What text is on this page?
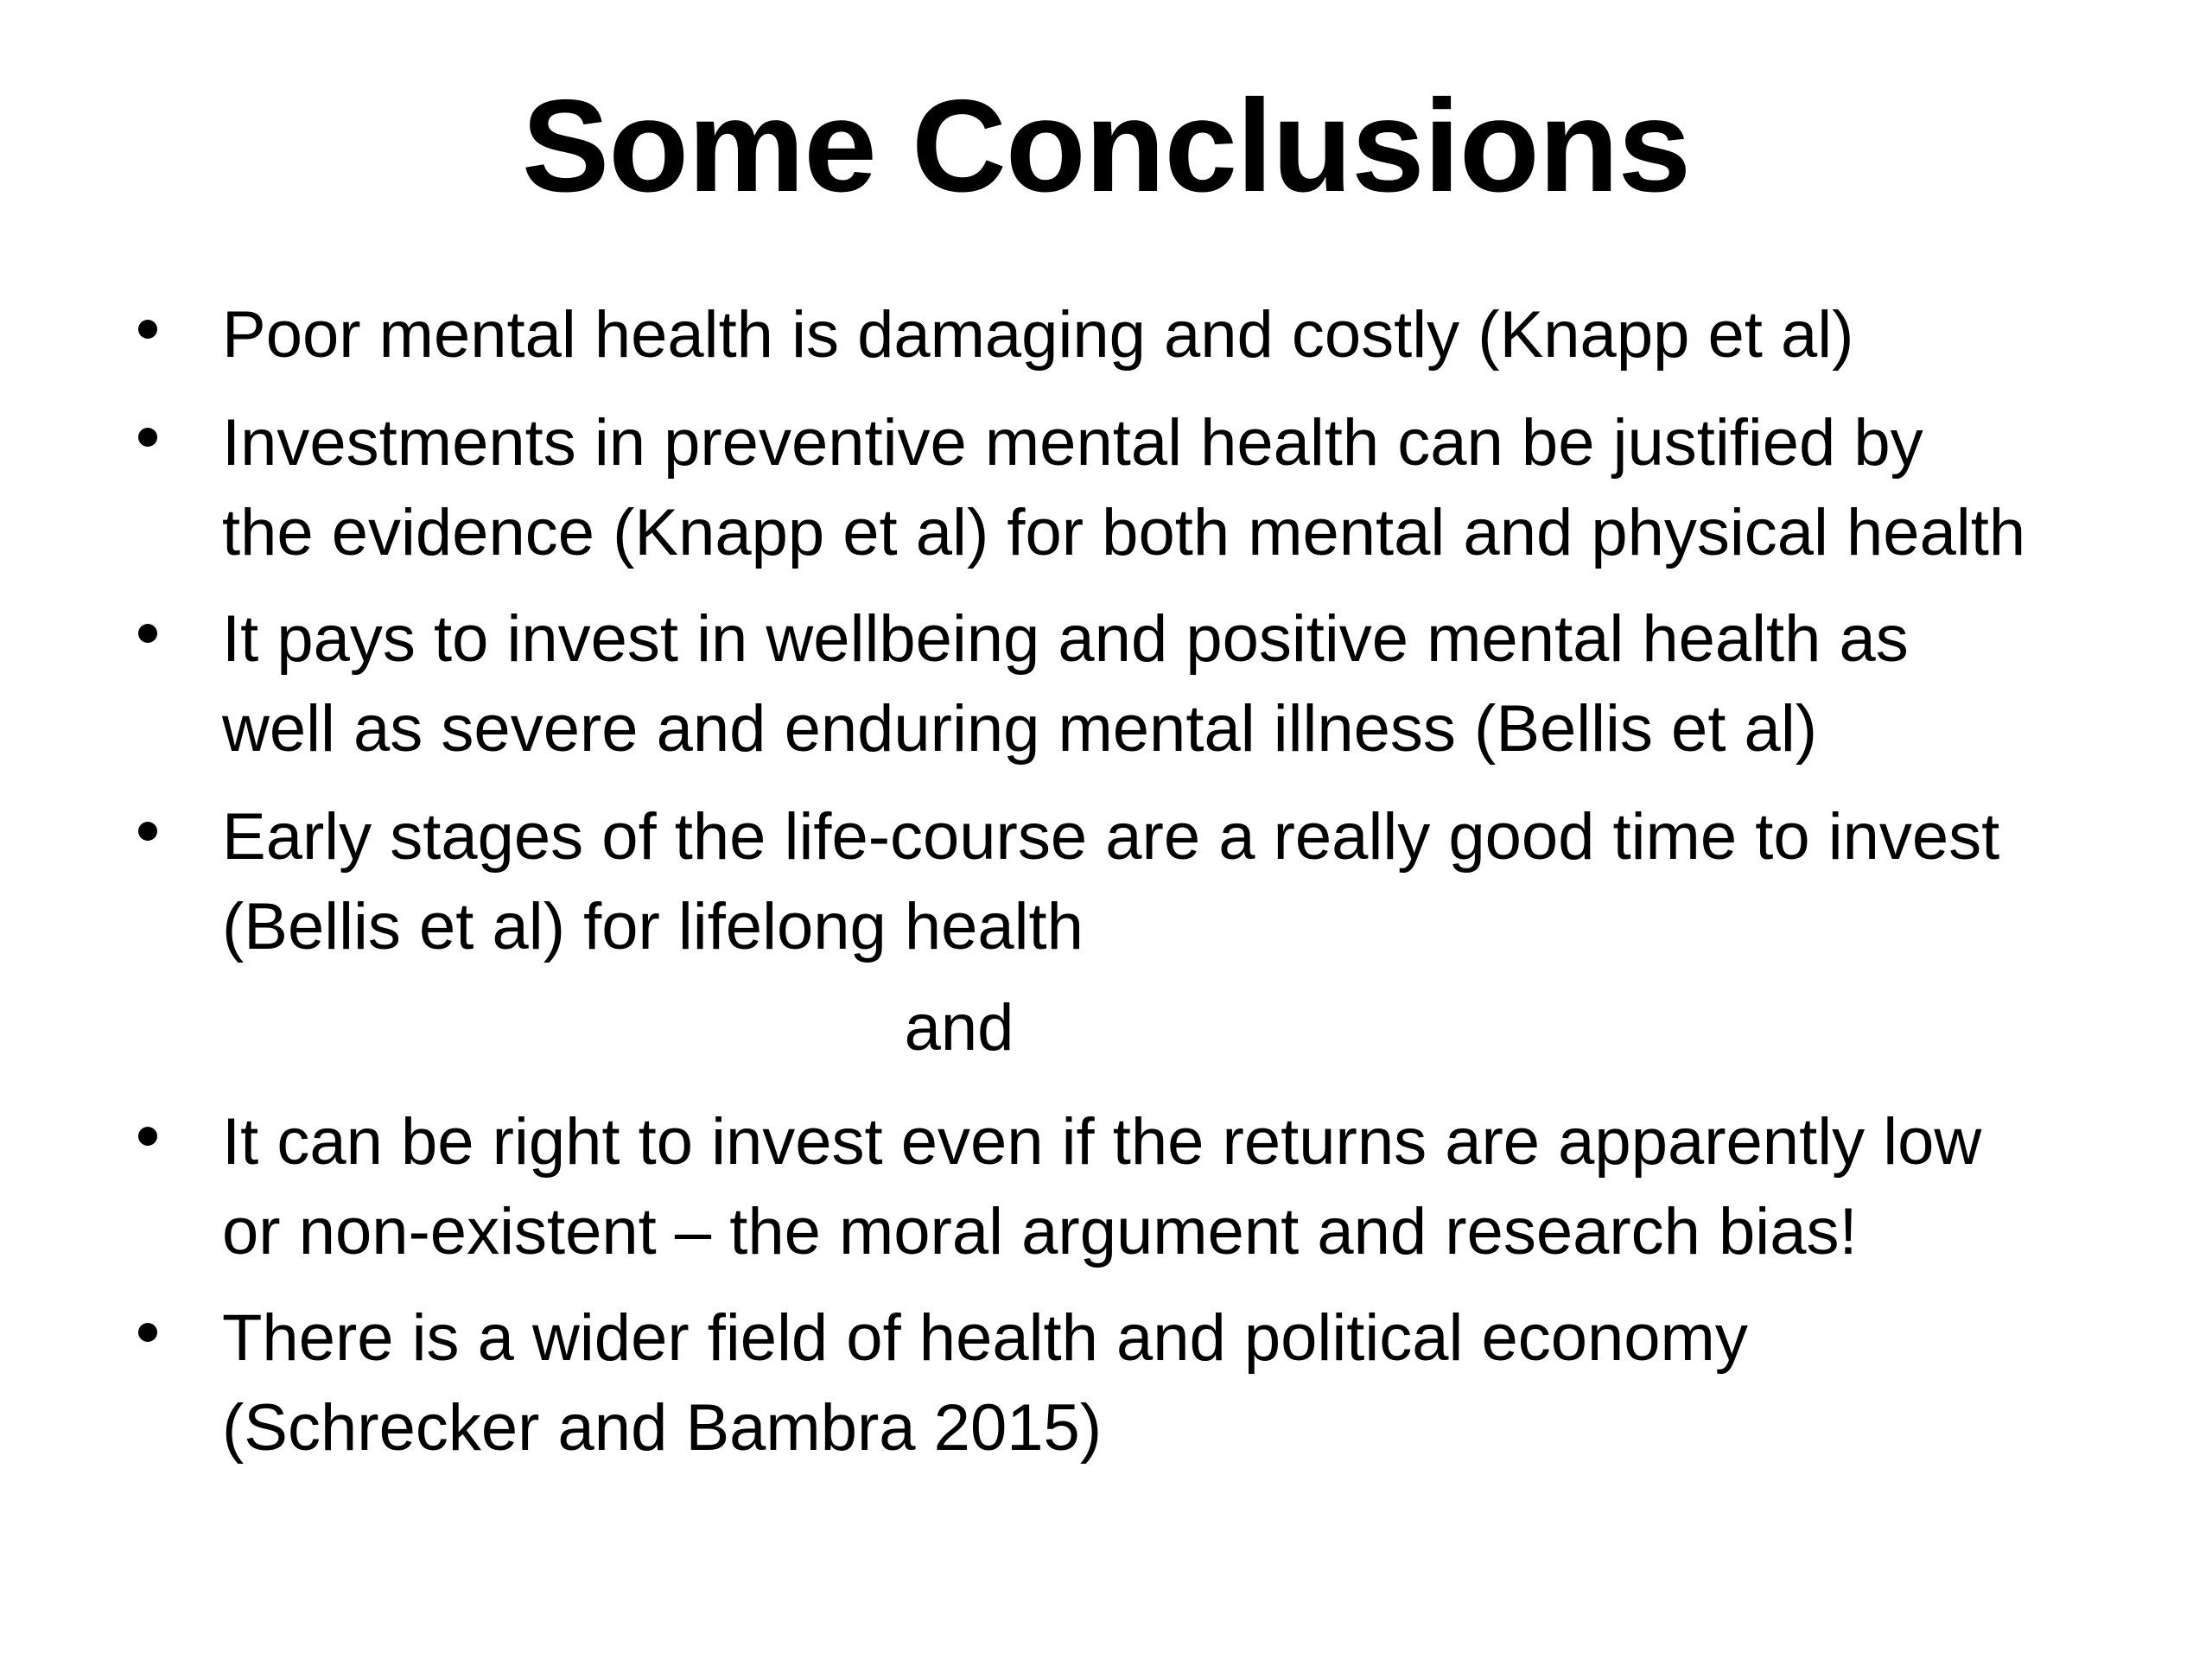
Some Conclusions
Poor mental health is damaging and costly (Knapp et al)
Investments in preventive mental health can be justified by
the evidence (Knapp et al) for both mental and physical health
It pays to invest in wellbeing and positive mental health as
well as severe and enduring mental illness (Bellis et al)
Early stages of the life-course are a really good time to invest
(Bellis et al) for lifelong health
and
It can be right to invest even if the returns are apparently low
or non-existent – the moral argument and research bias!
There is a wider field of health and political economy
(Schrecker and Bambra 2015)
